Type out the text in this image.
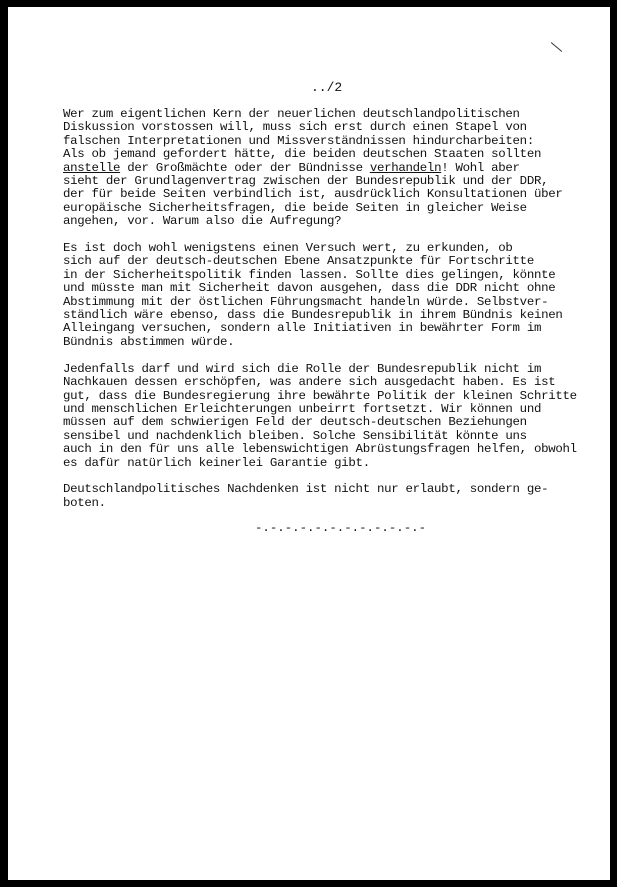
../2

Wer zum eigentlichen Kern der neuerlichen deutschlandpolitischen
Diskussion vorstossen will, muss sich erst durch einen Stapel von
falschen Interpretationen und Missverständnissen hindurcharbeiten:
Als ob jemand gefordert hätte, die beiden deutschen Staaten sollten
anstelle der Großmächte oder der Bündnisse verhandeln! Wohl aber
sieht der Grundlagenvertrag zwischen der Bundesrepublik und der DDR,
der für beide Seiten verbindlich ist, ausdrücklich Konsultationen über
europäische Sicherheitsfragen, die beide Seiten in gleicher Weise
angehen, vor. Warum also die Aufregung?

Es ist doch wohl wenigstens einen Versuch wert, zu erkunden, ob
sich auf der deutsch-deutschen Ebene Ansatzpunkte für Fortschritte
in der Sicherheitspolitik finden lassen. Sollte dies gelingen, könnte
und müsste man mit Sicherheit davon ausgehen, dass die DDR nicht ohne
Abstimmung mit der östlichen Führungsmacht handeln würde. Selbstver-
ständlich wäre ebenso, dass die Bundesrepublik in ihrem Bündnis keinen
Alleingang versuchen, sondern alle Initiativen in bewährter Form im
Bündnis abstimmen würde.

Jedenfalls darf und wird sich die Rolle der Bundesrepublik nicht im
Nachkauen dessen erschöpfen, was andere sich ausgedacht haben. Es ist
gut, dass die Bundesregierung ihre bewährte Politik der kleinen Schritte
und menschlichen Erleichterungen unbeirrt fortsetzt. Wir können und
müssen auf dem schwierigen Feld der deutsch-deutschen Beziehungen
sensibel und nachdenklich bleiben. Solche Sensibilität könnte uns
auch in den für uns alle lebenswichtigen Abrüstungsfragen helfen, obwohl
es dafür natürlich keinerlei Garantie gibt.

Deutschlandpolitisches Nachdenken ist nicht nur erlaubt, sondern ge-
boten.

-.-.-.-.-.-.-.-.-.-.-.-
